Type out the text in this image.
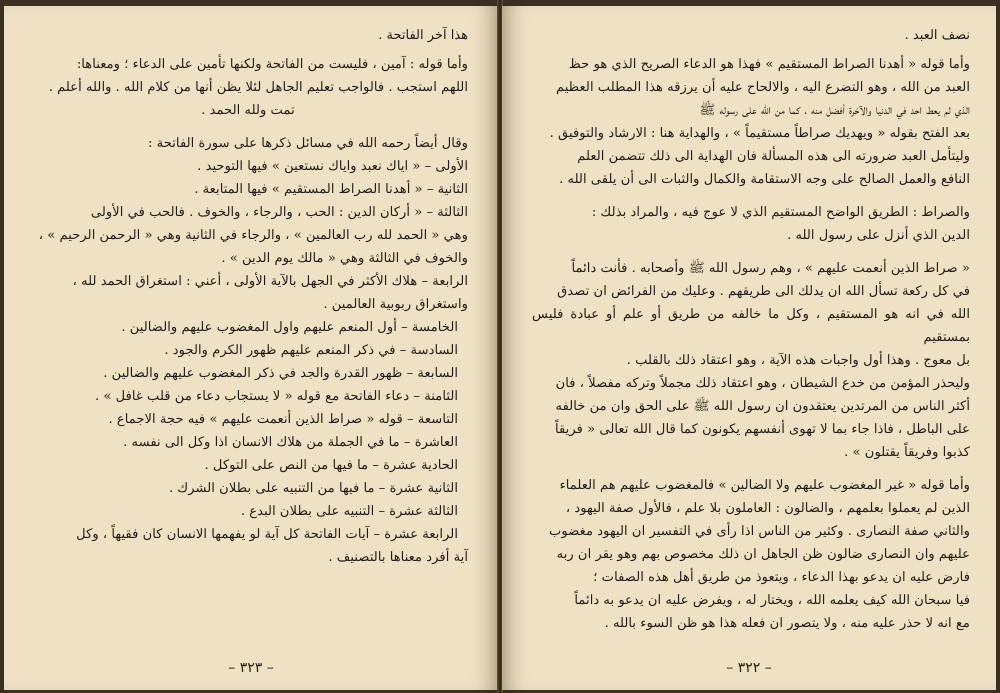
هذا آخر الفاتحة .

وأما قوله : آمين ، فليست من الفاتحة ولكنها تأمين على الدعاء ؛ ومعناها:

اللهم استجب . فالواجب تعليم الجاهل لئلا يظن أنها من كلام الله . والله أعلم .

تمت ولله الحمد .

وقال أيضاً رحمه الله في مسائل ذكرها على سورة الفاتحة :

الأولى – « اياك نعبد واياك نستعين » فيها التوحيد .

الثانية – « أهدنا الصراط المستقيم » فيها المتابعة .

الثالثة – « أركان الدين : الحب ، والرجاء ، والخوف . فالحب في الأولى

وهي « الحمد لله رب العالمين » ، والرجاء في الثانية وهي « الرحمن الرحيم » ،

والخوف في الثالثة وهي « مالك يوم الدين » .

الرابعة – هلاك الأكثر في الجهل بالآية الأولى ، أعني : استغراق الحمد لله ،

واستغراق ربوبية العالمين .

الخامسة – أول المنعم عليهم واول المغضوب عليهم والضالين .

السادسة – في ذكر المنعم عليهم ظهور الكرم والجود .

السابعة – ظهور القدرة والجد في ذكر المغضوب عليهم والضالين .

الثامنة – دعاء الفاتحة مع قوله « لا يستجاب دعاء من قلب غافل » .

التاسعة – قوله « صراط الذين أنعمت عليهم » فيه حجة الاجماع .

العاشرة – ما في الجملة من هلاك الانسان اذا وكل الى نفسه .

الحادية عشرة – ما فيها من النص على التوكل .

الثانية عشرة – ما فيها من التنبيه على بطلان الشرك .

الثالثة عشرة – التنبيه على بطلان البدع .

الرابعة عشرة – آيات الفاتحة كل آية لو يفهمها الانسان كان فقيهاً ، وكل

آية أفرد معناها بالتصنيف .

– ٣٢٣ –
نصف العبد .

وأما قوله « أهدنا الصراط المستقيم » فهذا هو الدعاء الصريح الذي هو حظ

العبد من الله ، وهو التضرع اليه ، والالحاح عليه أن يرزقه هذا المطلب العظيم

الذي لم يعط احد في الدنيا والآخرة أفضل منه ، كما من الله على رسوله ﷺ

بعد الفتح بقوله « ويهديك صراطاً مستقيماً » ، والهداية هنا : الارشاد والتوفيق .

وليتأمل العبد ضرورته الى هذه المسألة فان الهداية الى ذلك تتضمن العلم

النافع والعمل الصالح على وجه الاستقامة والكمال والثبات الى أن يلقى الله .

والصراط : الطريق الواضح المستقيم الذي لا عوج فيه ، والمراد بذلك :

الدين الذي أنزل على رسول الله .

« صراط الذين أنعمت عليهم » ، وهم رسول الله ﷺ وأصحابه . فأنت دائماً

في كل ركعة تسأل الله ان يدلك الى طريقهم . وعليك من الفرائض ان تصدق

الله في انه هو المستقيم ، وكل ما خالفه من طريق أو علم أو عبادة فليس بمستقيم

بل معوج . وهذا أول واجبات هذه الآية ، وهو اعتقاد ذلك بالقلب .

وليحذر المؤمن من خدع الشيطان ، وهو اعتقاد ذلك مجملاً وتركه مفصلاً ، فان

أكثر الناس من المرتدين يعتقدون ان رسول الله ﷺ على الحق وان من خالفه

على الباطل ، فاذا جاء بما لا تهوى أنفسهم يكونون كما قال الله تعالى « فريقاً

كذبوا وفريقاً يقتلون » .

وأما قوله « غير المغضوب عليهم ولا الضالين » فالمغضوب عليهم هم العلماء

الذين لم يعملوا بعلمهم ، والضالون : العاملون بلا علم ، فالأول صفة اليهود ،

والثاني صفة النصارى . وكثير من الناس اذا رأى في التفسير ان اليهود مغضوب

عليهم وان النصارى ضالون ظن الجاهل ان ذلك مخصوص بهم وهو يقر ان ربه

فارض عليه ان يدعو بهذا الدعاء ، ويتعوذ من طريق أهل هذه الصفات ؛

فيا سبحان الله كيف يعلمه الله ، ويختار له ، ويفرض عليه ان يدعو به دائماً

مع انه لا حذر عليه منه ، ولا يتصور ان فعله هذا هو ظن السوء بالله .

– ٣٢٢ –
